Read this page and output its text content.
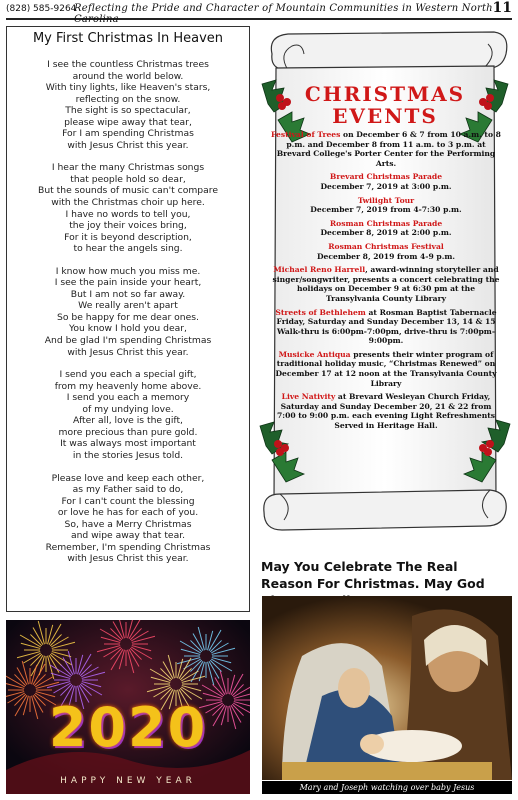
(828) 585-9264
Reflecting the Pride and Character of Mountain Communities in Western North Carolina
11
My First Christmas In Heaven
I see the countless Christmas trees
around the world below.
With tiny lights, like Heaven's stars,
reflecting on the snow.
The sight is so spectacular,
please wipe away that tear,
For I am spending Christmas
with Jesus Christ this year.
I hear the many Christmas songs
that people hold so dear,
But the sounds of music can't compare
with the Christmas choir up here.
I have no words to tell you,
the joy their voices bring,
For it is beyond description,
to hear the angels sing.
I know how much you miss me.
I see the pain inside your heart,
But I am not so far away.
We really aren't apart
So be happy for me dear ones.
You know I hold you dear,
And be glad I'm spending Christmas
with Jesus Christ this year.
I send you each a special gift,
from my heavenly home above.
I send you each a memory
of my undying love.
After all, love is the gift,
more precious than pure gold.
It was always most important
in the stories Jesus told.
Please love and keep each other,
as my Father said to do,
For I can't count the blessing
or love he has for each of you.
So, have a Merry Christmas
and wipe away that tear.
Remember, I'm spending Christmas
with Jesus Christ this year.
2020
HAPPY NEW YEAR
CHRISTMAS
EVENTS
Festival of Trees on December 6 & 7 from 10 a.m. to 8 p.m. and December 8 from 11 a.m. to 3 p.m. at Brevard College's Porter Center for the Performing Arts.
Brevard Christmas Parade
December 7, 2019 at 3:00 p.m.
Twilight Tour
December 7, 2019 from 4-7:30 p.m.
Rosman Christmas Parade
December 8, 2019 at 2:00 p.m.
Rosman Christmas Festival
December 8, 2019 from 4-9 p.m.
Michael Reno Harrell, award-winning storyteller and singer/songwriter, presents a concert celebrating the holidays on December 9 at 6:30 pm at the Transylvania County Library
Streets of Bethlehem at Rosman Baptist Tabernacle Friday, Saturday and Sunday December 13, 14 & 15 Walk-thru is 6:00pm-7:00pm, drive-thru is 7:00pm-9:00pm.
Musicke Antiqua presents their winter program of traditional holiday music, “Christmas Renewed” on December 17 at 12 noon at the Transylvania County Library
Live Nativity at Brevard Wesleyan Church Friday, Saturday and Sunday December 20, 21 & 22 from 7:00 to 9:00 p.m. each evening Light Refreshments Served in Heritage Hall.
May You Celebrate The Real Reason For Christmas. May God
Mary and Joseph watching over baby Jesus
